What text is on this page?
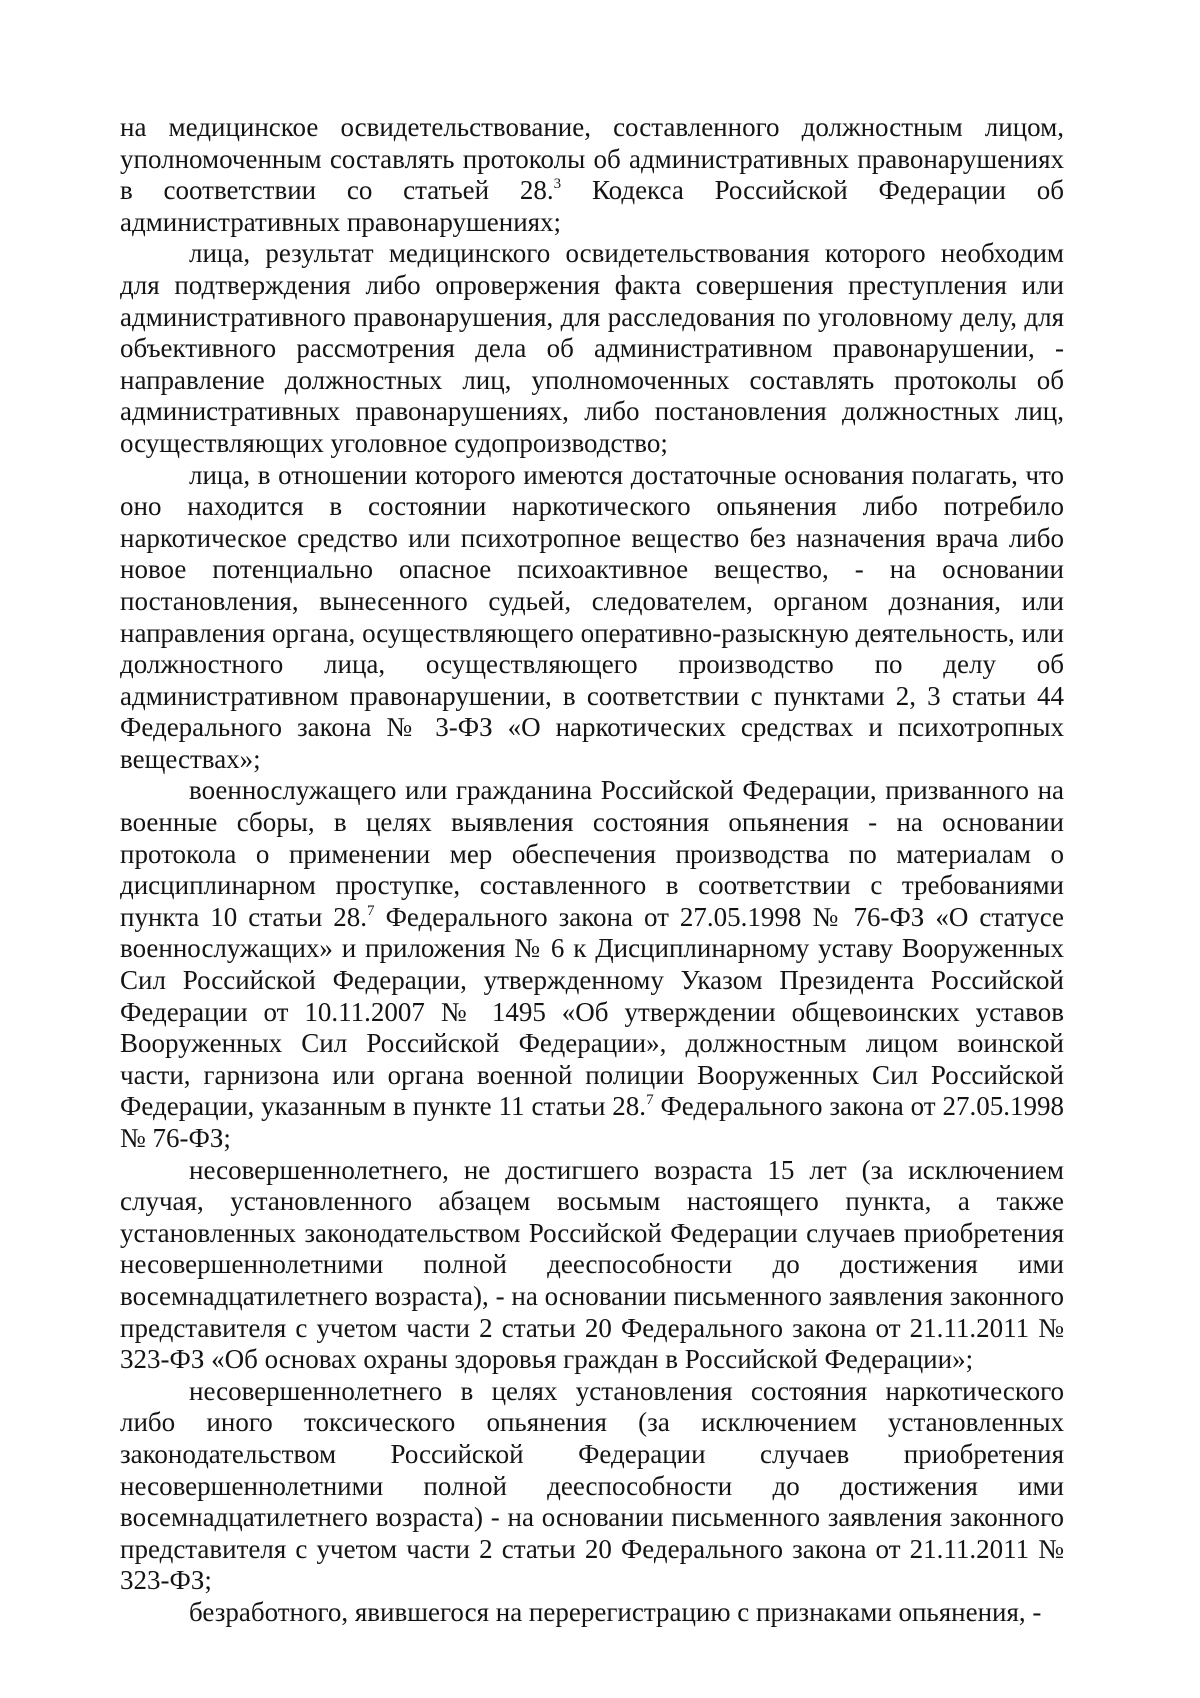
на медицинское освидетельствование, составленного должностным лицом, уполномоченным составлять протоколы об административных правонарушениях в соответствии со статьей 28.$^3$ Кодекса Российской Федерации об административных правонарушениях;

лица, результат медицинского освидетельствования которого необходим для подтверждения либо опровержения факта совершения преступления или административного правонарушения, для расследования по уголовному делу, для объективного рассмотрения дела об административном правонарушении, - направление должностных лиц, уполномоченных составлять протоколы об административных правонарушениях, либо постановления должностных лиц, осуществляющих уголовное судопроизводство;

лица, в отношении которого имеются достаточные основания полагать, что оно находится в состоянии наркотического опьянения либо потребило наркотическое средство или психотропное вещество без назначения врача либо новое потенциально опасное психоактивное вещество, - на основании постановления, вынесенного судьей, следователем, органом дознания, или направления органа, осуществляющего оперативно-разыскную деятельность, или должностного лица, осуществляющего производство по делу об административном правонарушении, в соответствии с пунктами 2, 3 статьи 44 Федерального закона № 3-ФЗ «О наркотических средствах и психотропных веществах»;

военнослужащего или гражданина Российской Федерации, призванного на военные сборы, в целях выявления состояния опьянения - на основании протокола о применении мер обеспечения производства по материалам о дисциплинарном проступке, составленного в соответствии с требованиями пункта 10 статьи 28.$^7$ Федерального закона от 27.05.1998 № 76-ФЗ «О статусе военнослужащих» и приложения № 6 к Дисциплинарному уставу Вооруженных Сил Российской Федерации, утвержденному Указом Президента Российской Федерации от 10.11.2007 № 1495 «Об утверждении общевоинских уставов Вооруженных Сил Российской Федерации», должностным лицом воинской части, гарнизона или органа военной полиции Вооруженных Сил Российской Федерации, указанным в пункте 11 статьи 28.$^7$ Федерального закона от 27.05.1998 № 76-ФЗ;

несовершеннолетнего, не достигшего возраста 15 лет (за исключением случая, установленного абзацем восьмым настоящего пункта, а также установленных законодательством Российской Федерации случаев приобретения несовершеннолетними полной дееспособности до достижения ими восемнадцатилетнего возраста), - на основании письменного заявления законного представителя с учетом части 2 статьи 20 Федерального закона от 21.11.2011 № 323-ФЗ «Об основах охраны здоровья граждан в Российской Федерации»;

несовершеннолетнего в целях установления состояния наркотического либо иного токсического опьянения (за исключением установленных законодательством Российской Федерации случаев приобретения несовершеннолетними полной дееспособности до достижения ими восемнадцатилетнего возраста) - на основании письменного заявления законного представителя с учетом части 2 статьи 20 Федерального закона от 21.11.2011 № 323-ФЗ;

безработного, явившегося на перерегистрацию с признаками опьянения, -
